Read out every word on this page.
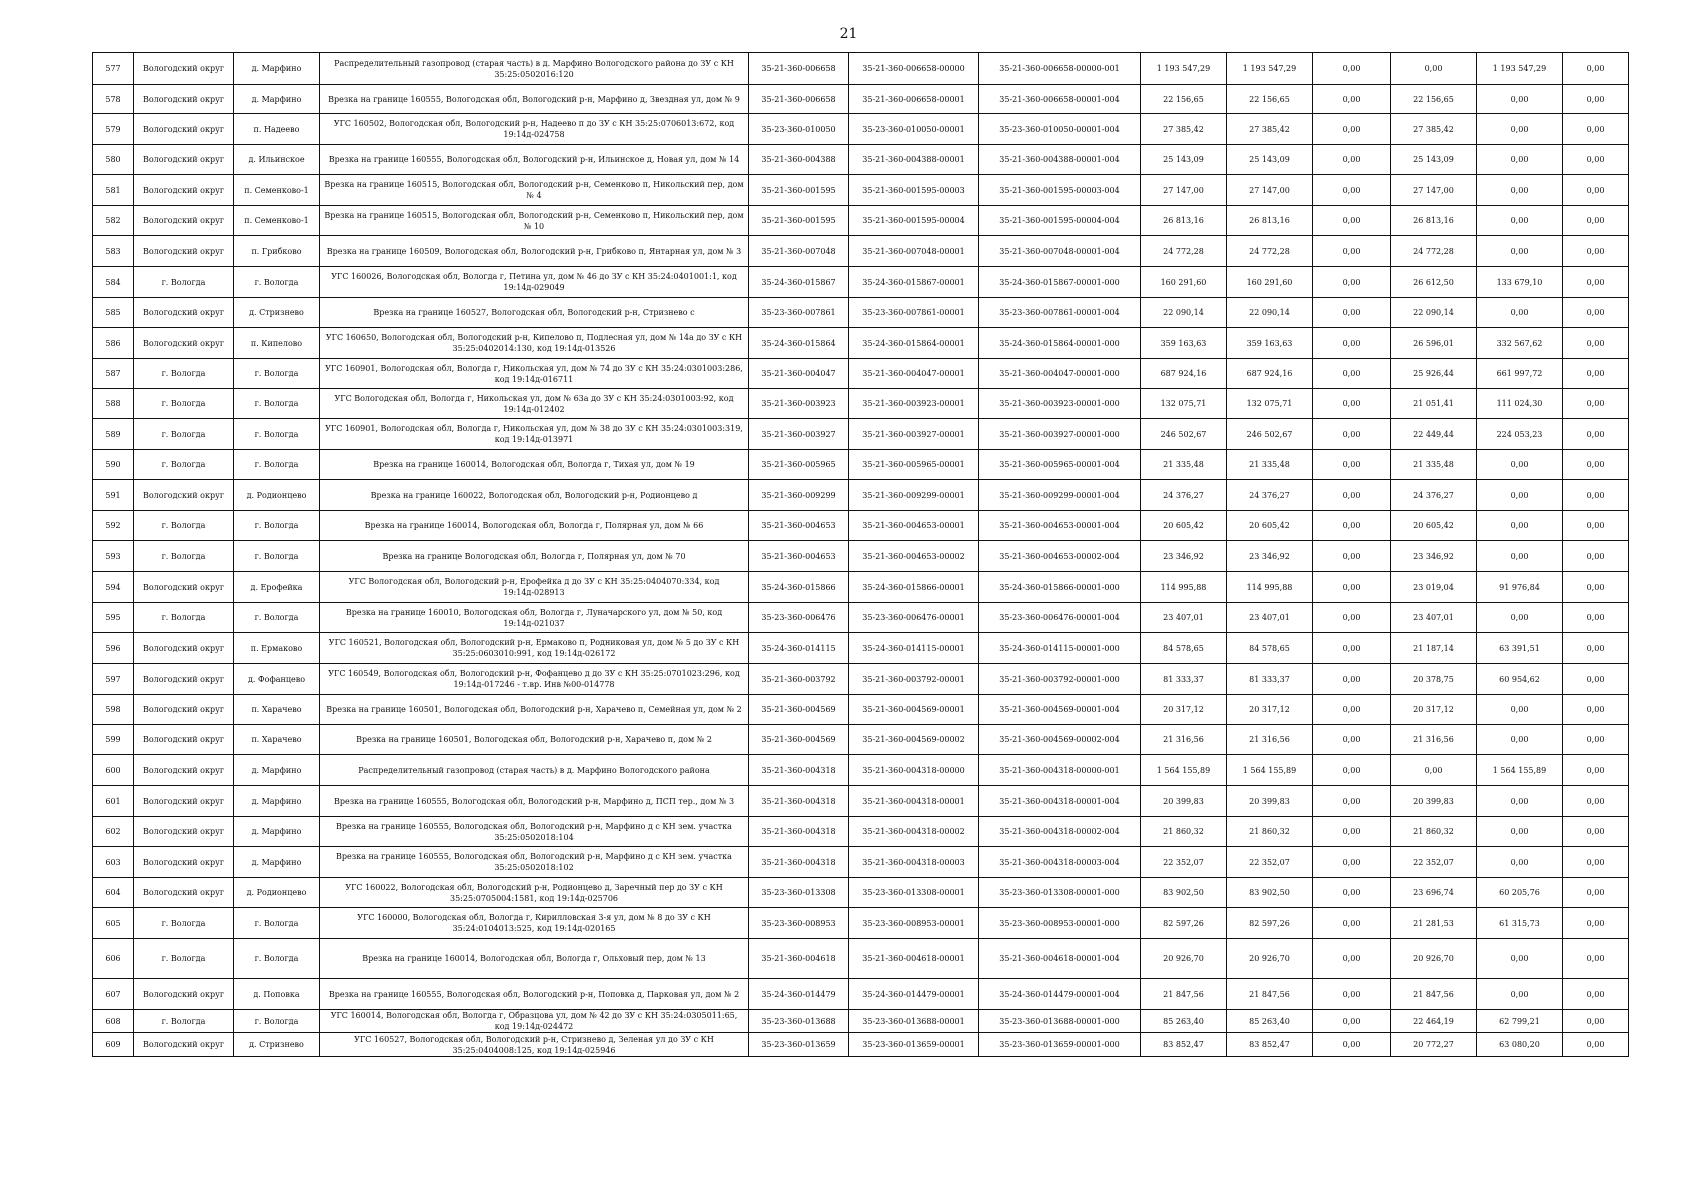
21
577	Вологодский округ	д. Марфино	Распределительный газопровод (старая часть) в д. Марфино Вологодского района до ЗУ с КН 35:25:0502016:120	35-21-360-006658	35-21-360-006658-00000	35-21-360-006658-00000-001	1 193 547,29	1 193 547,29	0,00	0,00	1 193 547,29	0,00
578	Вологодский округ	д. Марфино	Врезка на границе 160555, Вологодская обл, Вологодский р-н, Марфино д, Звездная ул, дом № 9	35-21-360-006658	35-21-360-006658-00001	35-21-360-006658-00001-004	22 156,65	22 156,65	0,00	22 156,65	0,00	0,00
579	Вологодский округ	п. Надеево	УГС 160502, Вологодская обл, Вологодский р-н, Надеево п до ЗУ с КН 35:25:0706013:672, код 19:14д-024758	35-23-360-010050	35-23-360-010050-00001	35-23-360-010050-00001-004	27 385,42	27 385,42	0,00	27 385,42	0,00	0,00
580	Вологодский округ	д. Ильинское	Врезка на границе 160555, Вологодская обл, Вологодский р-н, Ильинское д, Новая ул, дом № 14	35-21-360-004388	35-21-360-004388-00001	35-21-360-004388-00001-004	25 143,09	25 143,09	0,00	25 143,09	0,00	0,00
581	Вологодский округ	п. Семенково-1	Врезка на границе 160515, Вологодская обл, Вологодский р-н, Семенково п, Никольский пер, дом № 4	35-21-360-001595	35-21-360-001595-00003	35-21-360-001595-00003-004	27 147,00	27 147,00	0,00	27 147,00	0,00	0,00
582	Вологодский округ	п. Семенково-1	Врезка на границе 160515, Вологодская обл, Вологодский р-н, Семенково п, Никольский пер, дом № 10	35-21-360-001595	35-21-360-001595-00004	35-21-360-001595-00004-004	26 813,16	26 813,16	0,00	26 813,16	0,00	0,00
583	Вологодский округ	п. Грибково	Врезка на границе 160509, Вологодская обл, Вологодский р-н, Грибково п, Янтарная ул, дом № 3	35-21-360-007048	35-21-360-007048-00001	35-21-360-007048-00001-004	24 772,28	24 772,28	0,00	24 772,28	0,00	0,00
584	г. Вологда	г. Вологда	УГС 160026, Вологодская обл, Вологда г, Петина ул, дом № 46 до ЗУ с КН 35:24:0401001:1, код 19:14д-029049	35-24-360-015867	35-24-360-015867-00001	35-24-360-015867-00001-000	160 291,60	160 291,60	0,00	26 612,50	133 679,10	0,00
585	Вологодский округ	д. Стризнево	Врезка на границе 160527, Вологодская обл, Вологодский р-н, Стризнево с	35-23-360-007861	35-23-360-007861-00001	35-23-360-007861-00001-004	22 090,14	22 090,14	0,00	22 090,14	0,00	0,00
586	Вологодский округ	п. Кипелово	УГС 160650, Вологодская обл, Вологодский р-н, Кипелово п, Подлесная ул, дом № 14а до ЗУ с КН 35:25:0402014:130, код 19:14д-013526	35-24-360-015864	35-24-360-015864-00001	35-24-360-015864-00001-000	359 163,63	359 163,63	0,00	26 596,01	332 567,62	0,00
587	г. Вологда	г. Вологда	УГС 160901, Вологодская обл, Вологда г, Никольская ул, дом № 74 до ЗУ с КН 35:24:0301003:286, код 19:14д-016711	35-21-360-004047	35-21-360-004047-00001	35-21-360-004047-00001-000	687 924,16	687 924,16	0,00	25 926,44	661 997,72	0,00
588	г. Вологда	г. Вологда	УГС Вологодская обл, Вологда г, Никольская ул, дом № 63а до ЗУ с КН 35:24:0301003:92, код 19:14д-012402	35-21-360-003923	35-21-360-003923-00001	35-21-360-003923-00001-000	132 075,71	132 075,71	0,00	21 051,41	111 024,30	0,00
589	г. Вологда	г. Вологда	УГС 160901, Вологодская обл, Вологда г, Никольская ул, дом № 38 до ЗУ с КН 35:24:0301003:319, код 19:14д-013971	35-21-360-003927	35-21-360-003927-00001	35-21-360-003927-00001-000	246 502,67	246 502,67	0,00	22 449,44	224 053,23	0,00
590	г. Вологда	г. Вологда	Врезка на границе 160014, Вологодская обл, Вологда г, Тихая ул, дом № 19	35-21-360-005965	35-21-360-005965-00001	35-21-360-005965-00001-004	21 335,48	21 335,48	0,00	21 335,48	0,00	0,00
591	Вологодский округ	д. Родионцево	Врезка на границе 160022, Вологодская обл, Вологодский р-н, Родионцево д	35-21-360-009299	35-21-360-009299-00001	35-21-360-009299-00001-004	24 376,27	24 376,27	0,00	24 376,27	0,00	0,00
592	г. Вологда	г. Вологда	Врезка на границе 160014, Вологодская обл, Вологда г, Полярная ул, дом № 66	35-21-360-004653	35-21-360-004653-00001	35-21-360-004653-00001-004	20 605,42	20 605,42	0,00	20 605,42	0,00	0,00
593	г. Вологда	г. Вологда	Врезка на границе Вологодская обл, Вологда г, Полярная ул, дом № 70	35-21-360-004653	35-21-360-004653-00002	35-21-360-004653-00002-004	23 346,92	23 346,92	0,00	23 346,92	0,00	0,00
594	Вологодский округ	д. Ерофейка	УГС Вологодская обл, Вологодский р-н, Ерофейка д до ЗУ с КН 35:25:0404070:334, код 19:14д-028913	35-24-360-015866	35-24-360-015866-00001	35-24-360-015866-00001-000	114 995,88	114 995,88	0,00	23 019,04	91 976,84	0,00
595	г. Вологда	г. Вологда	Врезка на границе 160010, Вологодская обл, Вологда г, Луначарского ул, дом № 50, код 19:14д-021037	35-23-360-006476	35-23-360-006476-00001	35-23-360-006476-00001-004	23 407,01	23 407,01	0,00	23 407,01	0,00	0,00
596	Вологодский округ	п. Ермаково	УГС 160521, Вологодская обл, Вологодский р-н, Ермаково п, Родниковая ул, дом № 5 до ЗУ с КН 35:25:0603010:991, код 19:14д-026172	35-24-360-014115	35-24-360-014115-00001	35-24-360-014115-00001-000	84 578,65	84 578,65	0,00	21 187,14	63 391,51	0,00
597	Вологодский округ	д. Фофанцево	УГС 160549, Вологодская обл, Вологодский р-н, Фофанцево д до ЗУ с КН 35:25:0701023:296, код 19:14д-017246 - т.вр. Инв №00-014778	35-21-360-003792	35-21-360-003792-00001	35-21-360-003792-00001-000	81 333,37	81 333,37	0,00	20 378,75	60 954,62	0,00
598	Вологодский округ	п. Харачево	Врезка на границе 160501, Вологодская обл, Вологодский р-н, Харачево п, Семейная ул, дом № 2	35-21-360-004569	35-21-360-004569-00001	35-21-360-004569-00001-004	20 317,12	20 317,12	0,00	20 317,12	0,00	0,00
599	Вологодский округ	п. Харачево	Врезка на границе 160501, Вологодская обл, Вологодский р-н, Харачево п, дом № 2	35-21-360-004569	35-21-360-004569-00002	35-21-360-004569-00002-004	21 316,56	21 316,56	0,00	21 316,56	0,00	0,00
600	Вологодский округ	д. Марфино	Распределительный газопровод (старая часть) в д. Марфино Вологодского района	35-21-360-004318	35-21-360-004318-00000	35-21-360-004318-00000-001	1 564 155,89	1 564 155,89	0,00	0,00	1 564 155,89	0,00
601	Вологодский округ	д. Марфино	Врезка на границе 160555, Вологодская обл, Вологодский р-н, Марфино д, ПСП тер., дом № 3	35-21-360-004318	35-21-360-004318-00001	35-21-360-004318-00001-004	20 399,83	20 399,83	0,00	20 399,83	0,00	0,00
602	Вологодский округ	д. Марфино	Врезка на границе 160555, Вологодская обл, Вологодский р-н, Марфино д с КН зем. участка 35:25:0502018:104	35-21-360-004318	35-21-360-004318-00002	35-21-360-004318-00002-004	21 860,32	21 860,32	0,00	21 860,32	0,00	0,00
603	Вологодский округ	д. Марфино	Врезка на границе 160555, Вологодская обл, Вологодский р-н, Марфино д с КН зем. участка 35:25:0502018:102	35-21-360-004318	35-21-360-004318-00003	35-21-360-004318-00003-004	22 352,07	22 352,07	0,00	22 352,07	0,00	0,00
604	Вологодский округ	д. Родионцево	УГС 160022, Вологодская обл, Вологодский р-н, Родионцево д, Заречный пер до ЗУ с КН 35:25:0705004:1581, код 19:14д-025706	35-23-360-013308	35-23-360-013308-00001	35-23-360-013308-00001-000	83 902,50	83 902,50	0,00	23 696,74	60 205,76	0,00
605	г. Вологда	г. Вологда	УГС 160000, Вологодская обл, Вологда г, Кирилловская 3-я ул, дом № 8 до ЗУ с КН 35:24:0104013:525, код 19:14д-020165	35-23-360-008953	35-23-360-008953-00001	35-23-360-008953-00001-000	82 597,26	82 597,26	0,00	21 281,53	61 315,73	0,00
606	г. Вологда	г. Вологда	Врезка на границе 160014, Вологодская обл, Вологда г, Ольховый пер, дом № 13	35-21-360-004618	35-21-360-004618-00001	35-21-360-004618-00001-004	20 926,70	20 926,70	0,00	20 926,70	0,00	0,00
607	Вологодский округ	д. Поповка	Врезка на границе 160555, Вологодская обл, Вологодский р-н, Поповка д, Парковая ул, дом № 2	35-24-360-014479	35-24-360-014479-00001	35-24-360-014479-00001-004	21 847,56	21 847,56	0,00	21 847,56	0,00	0,00
608	г. Вологда	г. Вологда	УГС 160014, Вологодская обл, Вологда г, Образцова ул, дом № 42 до ЗУ с КН 35:24:0305011:65, код 19:14д-024472	35-23-360-013688	35-23-360-013688-00001	35-23-360-013688-00001-000	85 263,40	85 263,40	0,00	22 464,19	62 799,21	0,00
609	Вологодский округ	д. Стризнево	УГС 160527, Вологодская обл, Вологодский р-н, Стризнево д, Зеленая ул до ЗУ с КН 35:25:0404008:125, код 19:14д-025946	35-23-360-013659	35-23-360-013659-00001	35-23-360-013659-00001-000	83 852,47	83 852,47	0,00	20 772,27	63 080,20	0,00
